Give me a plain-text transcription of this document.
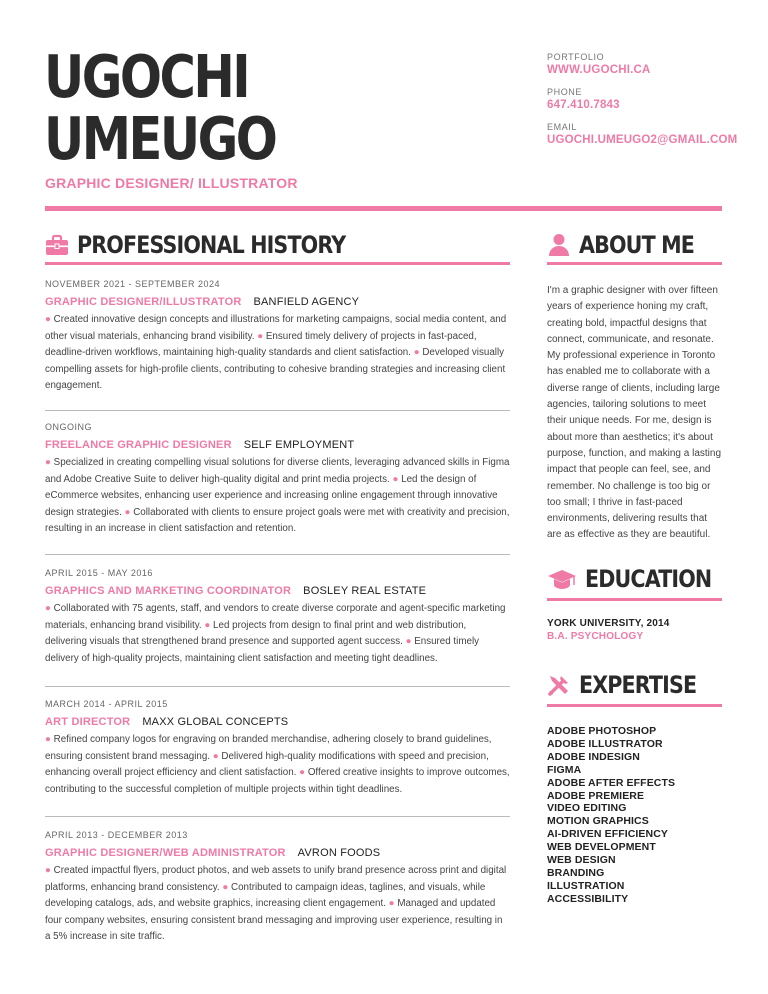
UGOCHI
UMEUGO
GRAPHIC DESIGNER/ ILLUSTRATOR
PORTFOLIO
WWW.UGOCHI.CA
PHONE
647.410.7843
EMAIL
UGOCHI.UMEUGO2@GMAIL.COM
PROFESSIONAL HISTORY
NOVEMBER 2021 - SEPTEMBER 2024
GRAPHIC DESIGNER/ILLUSTRATOR BANFIELD AGENCY
● Created innovative design concepts and illustrations for marketing campaigns, social media content, and other visual materials, enhancing brand visibility. ● Ensured timely delivery of projects in fast-paced, deadline-driven workflows, maintaining high-quality standards and client satisfaction. ● Developed visually compelling assets for high-profile clients, contributing to cohesive branding strategies and increasing client engagement.
ONGOING
FREELANCE GRAPHIC DESIGNER SELF EMPLOYMENT
● Specialized in creating compelling visual solutions for diverse clients, leveraging advanced skills in Figma and Adobe Creative Suite to deliver high-quality digital and print media projects. ● Led the design of eCommerce websites, enhancing user experience and increasing online engagement through innovative design strategies. ● Collaborated with clients to ensure project goals were met with creativity and precision, resulting in an increase in client satisfaction and retention.
APRIL 2015 - MAY 2016
GRAPHICS AND MARKETING COORDINATOR BOSLEY REAL ESTATE
● Collaborated with 75 agents, staff, and vendors to create diverse corporate and agent-specific marketing materials, enhancing brand visibility. ● Led projects from design to final print and web distribution, delivering visuals that strengthened brand presence and supported agent success. ● Ensured timely delivery of high-quality projects, maintaining client satisfaction and meeting tight deadlines.
MARCH 2014 - APRIL 2015
ART DIRECTOR MAXX GLOBAL CONCEPTS
● Refined company logos for engraving on branded merchandise, adhering closely to brand guidelines, ensuring consistent brand messaging. ● Delivered high-quality modifications with speed and precision, enhancing overall project efficiency and client satisfaction. ● Offered creative insights to improve outcomes, contributing to the successful completion of multiple projects within tight deadlines.
APRIL 2013 - DECEMBER 2013
GRAPHIC DESIGNER/WEB ADMINISTRATOR AVRON FOODS
● Created impactful flyers, product photos, and web assets to unify brand presence across print and digital platforms, enhancing brand consistency. ● Contributed to campaign ideas, taglines, and visuals, while developing catalogs, ads, and website graphics, increasing client engagement. ● Managed and updated four company websites, ensuring consistent brand messaging and improving user experience, resulting in a 5% increase in site traffic.
ABOUT ME
I'm a graphic designer with over fifteen years of experience honing my craft, creating bold, impactful designs that connect, communicate, and resonate. My professional experience in Toronto has enabled me to collaborate with a diverse range of clients, including large agencies, tailoring solutions to meet their unique needs. For me, design is about more than aesthetics; it's about purpose, function, and making a lasting impact that people can feel, see, and remember. No challenge is too big or too small; I thrive in fast-paced environments, delivering results that are as effective as they are beautiful.
EDUCATION
YORK UNIVERSITY, 2014
B.A. PSYCHOLOGY
EXPERTISE
ADOBE PHOTOSHOP
ADOBE ILLUSTRATOR
ADOBE INDESIGN
FIGMA
ADOBE AFTER EFFECTS
ADOBE PREMIERE
VIDEO EDITING
MOTION GRAPHICS
AI-DRIVEN EFFICIENCY
WEB DEVELOPMENT
WEB DESIGN
BRANDING
ILLUSTRATION
ACCESSIBILITY
